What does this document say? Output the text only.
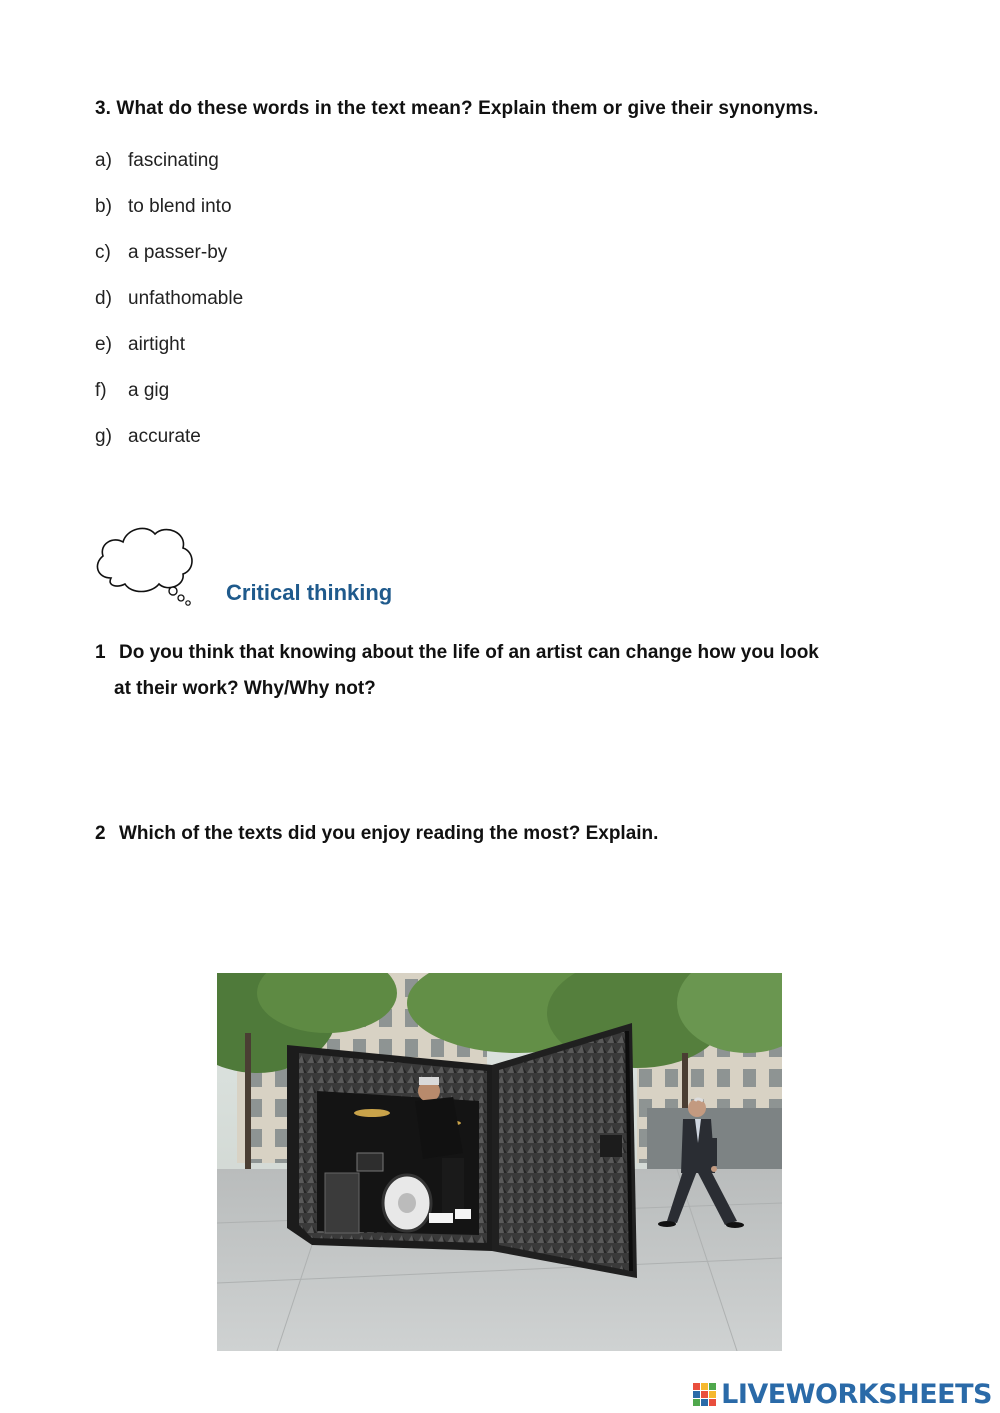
3. What do these words in the text mean? Explain them or give their synonyms.
a) fascinating
b) to blend into
c) a passer-by
d) unfathomable
e) airtight
f)	a gig
g) accurate
Critical thinking
1 Do you think that knowing about the life of an artist can change how you look
at their work? Why/Why not?
2 Which of the texts did you enjoy reading the most? Explain.
LIVEWORKSHEETS
